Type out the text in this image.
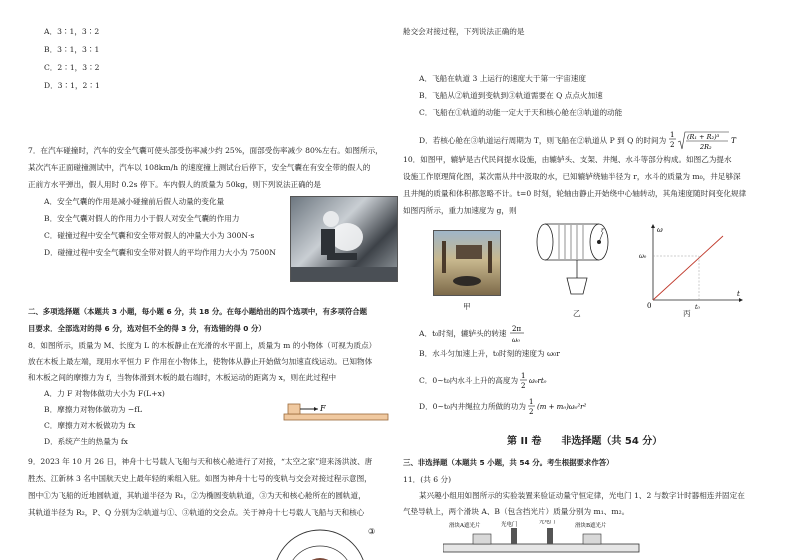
A．3∶1，3∶2
B．3∶1，3∶1
C．2∶1，3∶2
D．3∶1，2∶1
7．在汽车碰撞时，汽车的安全气囊可使头部受伤率减少约 25%，面部受伤率减少 80%左右。如图所示，
某次汽车正面碰撞测试中，汽车以 108km/h 的速度撞上测试台后停下，安全气囊在有安全带的假人的
正前方水平弹出，假人用时 0.2s 停下。车内假人的质量为 50kg，则下列说法正确的是
A．安全气囊的作用是减小碰撞前后假人动量的变化量
B．安全气囊对假人的作用力小于假人对安全气囊的作用力
C．碰撞过程中安全气囊和安全带对假人的冲量大小为 300N·s
D．碰撞过程中安全气囊和安全带对假人的平均作用力大小为 7500N
二、多项选择题（本题共 3 小题，每小题 6 分，共 18 分。在每小题给出的四个选项中，有多项符合题
目要求．全部选对的得 6 分，选对但不全的得 3 分，有选错的得 0 分）
8．如图所示，质量为 M、长度为 L 的木板静止在光滑的水平面上，质量为 m 的小物体（可视为质点）
放在木板上最左端，现用水平恒力 F 作用在小物体上，使物体从静止开始做匀加速直线运动。已知物体
和木板之间的摩擦力为 f，当物体滑到木板的最右端时，木板运动的距离为 x，则在此过程中
A．力 F 对物体做功大小为 F(L+x)
B．摩擦力对物体做功为 −fL
C．摩擦力对木板做功为 fx
D．系统产生的热量为 fx
F
9．2023 年 10 月 26 日，神舟十七号载人飞船与天和核心舱进行了对接，“太空之家”迎来汤洪波、唐
胜杰、江新林 3 名中国航天史上最年轻的乘组入驻。如图为神舟十七号的变轨与交会对接过程示意图，
图中①为飞船的近地圆轨道，其轨道半径为 R₁，②为椭圆变轨轨道，③为天和核心舱所在的圆轨道，
其轨道半径为 R₂，P、Q 分别为②轨道与①、③轨道的交会点。关于神舟十七号载人飞船与天和核心
③
舱交会对接过程，下列说法正确的是
A．飞船在轨道 3 上运行的速度大于第一宇宙速度
B．飞船从②轨道到变轨到③轨道需要在 Q 点点火加速
C．飞船在①轨道的动能一定大于天和核心舱在③轨道的动能
D．若核心舱在③轨道运行周期为 T，则飞船在②轨道从 P 到 Q 的时间为
1
2
(R₁ + R₂)³
2R₂
T
10．如图甲，辘轳是古代民间提水设施，由辘轳头、支架、井绳、水斗等部分构成。如图乙为提水
设施工作原理简化图，某次需从井中汲取的水，已知辘轳绕轴半径为 r，水斗的质量为 m₀，井足够深
且井绳的质量和体积都忽略不计。t=0 时刻，轮轴由静止开始绕中心轴转动，其角速度随时间变化规律
如图丙所示，重力加速度为 g，则
甲
r
乙
ω
t
0
ω₀
t₀
丙
A．t₀时刻，辘轳头的转速 2π
ω₀
B．水斗匀加速上升，t₀时刻的速度为 ω₀r
C．0~t₀内水斗上升的高度为 1
2
ω₀rt₀
D．0~t₀内井绳拉力所做的功为 1
2
(m + m₀)ω₀²r²
第 II 卷　　非选择题（共 54 分）
三、非选择题（本题共 5 小题，共 54 分。考生根据要求作答）
11．(共 6 分)
某兴趣小组用如图所示的实验装置来验证动量守恒定律，光电门 1、2 与数字计时器相连并固定在
气垫导轨上，两个滑块 A、B（包含挡光片）质量分别为 m₁、m₂。
滑块A遮光片	光电门	光电门
滑块B遮光片
